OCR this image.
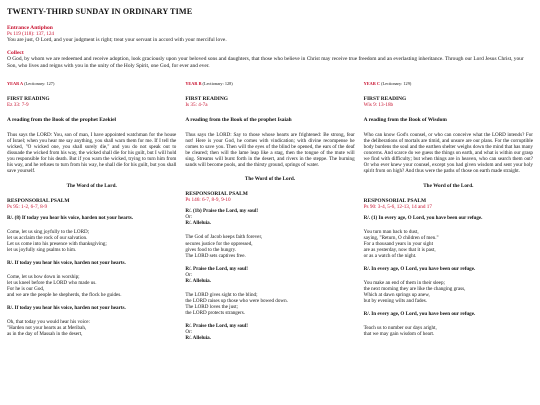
TWENTY-THIRD SUNDAY IN ORDINARY TIME
Entrance Antiphon
Ps 119 (118): 137, 124
You are just, O Lord, and your judgment is right; treat your servant in accord with your merciful love.
Collect
O God, by whom we are redeemed and receive adoption, look graciously upon your beloved sons and daughters, that those who believe in Christ may receive true freedom and an everlasting inheritance. Through our Lord Jesus Christ, your Son, who lives and reigns with you in the unity of the Holy Spirit, one God, for ever and ever.
YEAR A (Lectionary: 127)
FIRST READING
Ez 33: 7-9
A reading from the Book of the prophet Ezekiel
Thus says the LORD: You, son of man, I have appointed watchman for the house of Israel; when you hear me say anything, you shall warn them for me. If I tell the wicked, "O wicked one, you shall surely die," and you do not speak out to dissuade the wicked from his way, the wicked shall die for his guilt, but I will hold you responsible for his death. But if you warn the wicked, trying to turn him from his way, and he refuses to turn from his way, he shall die for his guilt, but you shall save yourself.
The Word of the Lord.
RESPONSORIAL PSALM
Ps 95: 1-2, 6-7, 8-9
R/. (8) If today you hear his voice, harden not your hearts.
Come, let us sing joyfully to the LORD;
let us acclaim the rock of our salvation.
Let us come into his presence with thanksgiving;
let us joyfully sing psalms to him.
R/. If today you hear his voice, harden not your hearts.
Come, let us bow down in worship;
let us kneel before the LORD who made us.
For he is our God,
and we are the people he shepherds, the flock he guides.
R/. If today you hear his voice, harden not your hearts.
Oh, that today you would hear his voice:
"Harden not your hearts as at Meribah,
as in the day of Massah in the desert,
YEAR B (Lectionary: 128)
FIRST READING
Is 35: 4-7a
A reading from the Book of the prophet Isaiah
Thus says the LORD: Say to those whose hearts are frightened: Be strong, fear not! Here is your God, he comes with vindication; with divine recompense he comes to save you. Then will the eyes of the blind be opened, the ears of the deaf be cleared; then will the lame leap like a stag, then the tongue of the mute will sing. Streams will burst forth in the desert, and rivers in the steppe. The burning sands will become pools, and the thirsty ground, springs of water.
The Word of the Lord.
RESPONSORIAL PSALM
Ps 146: 6-7, 8-9, 9-10
R/. (1b) Praise the Lord, my soul!
Or:
R/. Alleluia.
The God of Jacob keeps faith forever,
secures justice for the oppressed,
gives food to the hungry.
The LORD sets captives free.
R/. Praise the Lord, my soul!
Or:
R/. Alleluia.
The LORD gives sight to the blind;
the LORD raises up those who were bowed down.
The LORD loves the just;
the LORD protects strangers.
R/. Praise the Lord, my soul!
Or:
R/. Alleluia.
YEAR C (Lectionary: 129)
FIRST READING
Wis 9: 13-18b
A reading from the Book of Wisdom
Who can know God's counsel, or who can conceive what the LORD intends? For the deliberations of mortals are timid, and unsure are our plans. For the corruptible body burdens the soul and the earthen shelter weighs down the mind that has many concerns. And scarce do we guess the things on earth, and what is within our grasp we find with difficulty; but when things are in heaven, who can search them out? Or who ever knew your counsel, except you had given wisdom and sent your holy spirit from on high? And thus were the paths of those on earth made straight.
The Word of the Lord.
RESPONSORIAL PSALM
Ps 90: 3-4, 5-6, 12-13, 14 and 17
R/. (1) In every age, O Lord, you have been our refuge.
You turn man back to dust,
saying, "Return, O children of men."
For a thousand years in your sight
are as yesterday, now that it is past,
or as a watch of the night.
R/. In every age, O Lord, you have been our refuge.
You make an end of them in their sleep;
the next morning they are like the changing grass,
Which at dawn springs up anew,
but by evening wilts and fades.
R/. In every age, O Lord, you have been our refuge.
Teach us to number our days aright,
that we may gain wisdom of heart.
